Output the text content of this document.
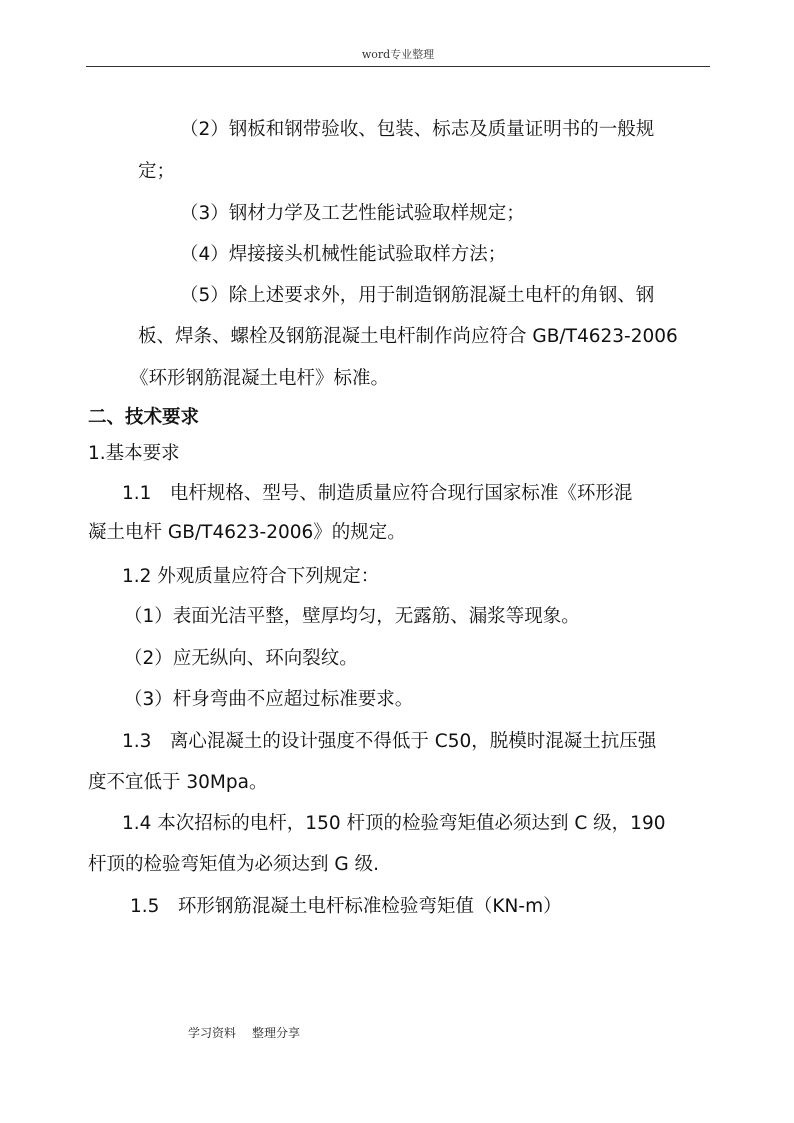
word专业整理
（2）钢板和钢带验收、包装、标志及质量证明书的一般规
定；
（3）钢材力学及工艺性能试验取样规定；
（4）焊接接头机械性能试验取样方法；
（5）除上述要求外，用于制造钢筋混凝土电杆的角钢、钢
板、焊条、螺栓及钢筋混凝土电杆制作尚应符合 GB/T4623-2006
《环形钢筋混凝土电杆》标准。
二、技术要求
1.基本要求
1.1　电杆规格、型号、制造质量应符合现行国家标准《环形混
凝土电杆 GB/T4623-2006》的规定。
1.2 外观质量应符合下列规定：
（1）表面光洁平整，壁厚均匀，无露筋、漏浆等现象。
（2）应无纵向、环向裂纹。
（3）杆身弯曲不应超过标准要求。
1.3　离心混凝土的设计强度不得低于 C50，脱模时混凝土抗压强
度不宜低于 30Mpa。
1.4 本次招标的电杆，150 杆顶的检验弯矩值必须达到 C 级，190
杆顶的检验弯矩值为必须达到 G 级.
1.5　环形钢筋混凝土电杆标准检验弯矩值（KN-m）
学习资料 整理分享
